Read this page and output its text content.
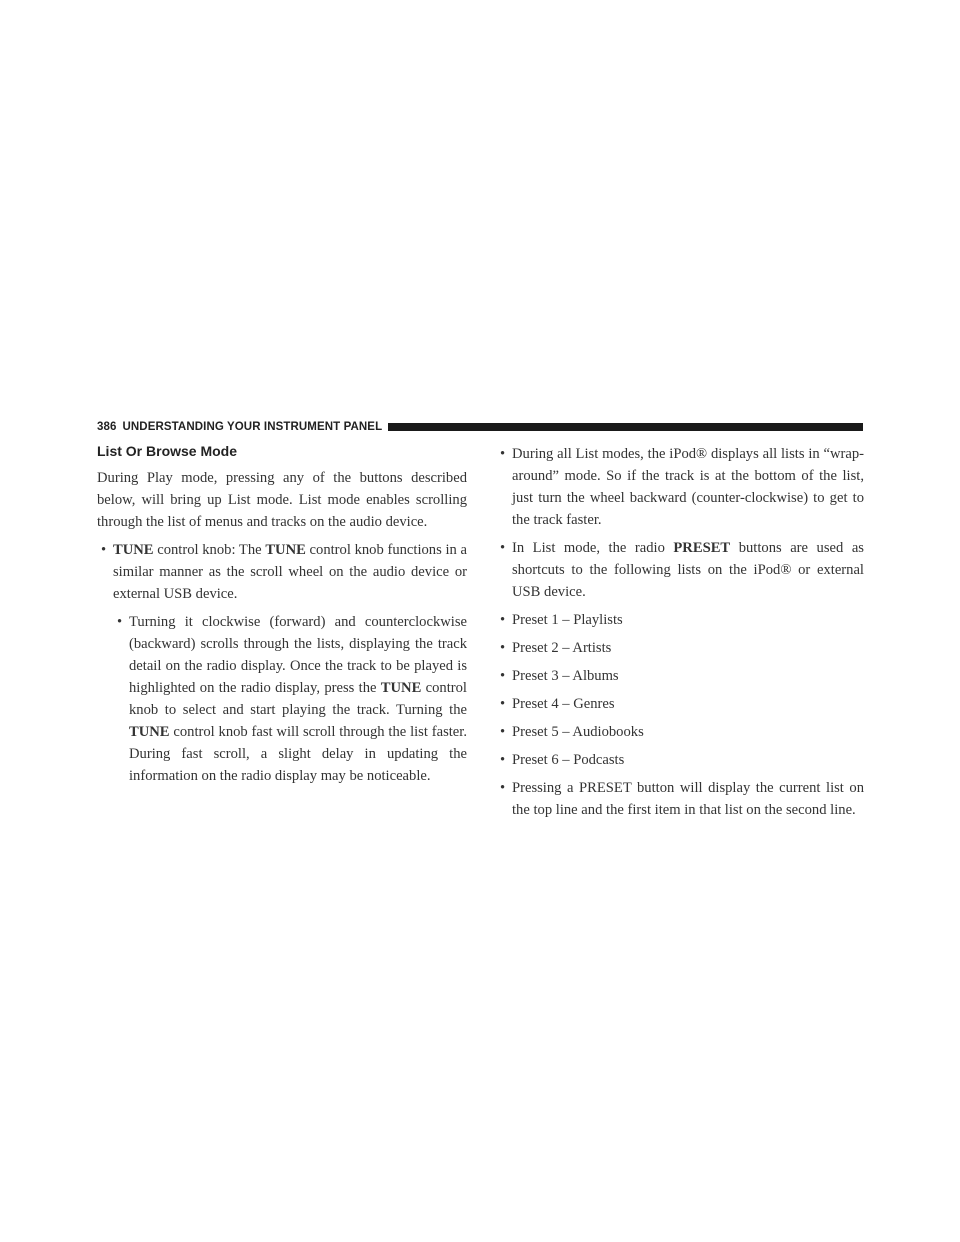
386 UNDERSTANDING YOUR INSTRUMENT PANEL
List Or Browse Mode

During Play mode, pressing any of the buttons described below, will bring up List mode. List mode enables scrolling through the list of menus and tracks on the audio device.

• TUNE control knob: The TUNE control knob functions in a similar manner as the scroll wheel on the audio device or external USB device.
• Turning it clockwise (forward) and counterclockwise (backward) scrolls through the lists, displaying the track detail on the radio display. Once the track to be played is highlighted on the radio display, press the TUNE control knob to select and start playing the track. Turning the TUNE control knob fast will scroll through the list faster. During fast scroll, a slight delay in updating the information on the radio display may be noticeable.
• During all List modes, the iPod® displays all lists in “wrap-around” mode. So if the track is at the bottom of the list, just turn the wheel backward (counter-clockwise) to get to the track faster.
• In List mode, the radio PRESET buttons are used as shortcuts to the following lists on the iPod® or external USB device.
• Preset 1 – Playlists
• Preset 2 – Artists
• Preset 3 – Albums
• Preset 4 – Genres
• Preset 5 – Audiobooks
• Preset 6 – Podcasts
• Pressing a PRESET button will display the current list on the top line and the first item in that list on the second line.
